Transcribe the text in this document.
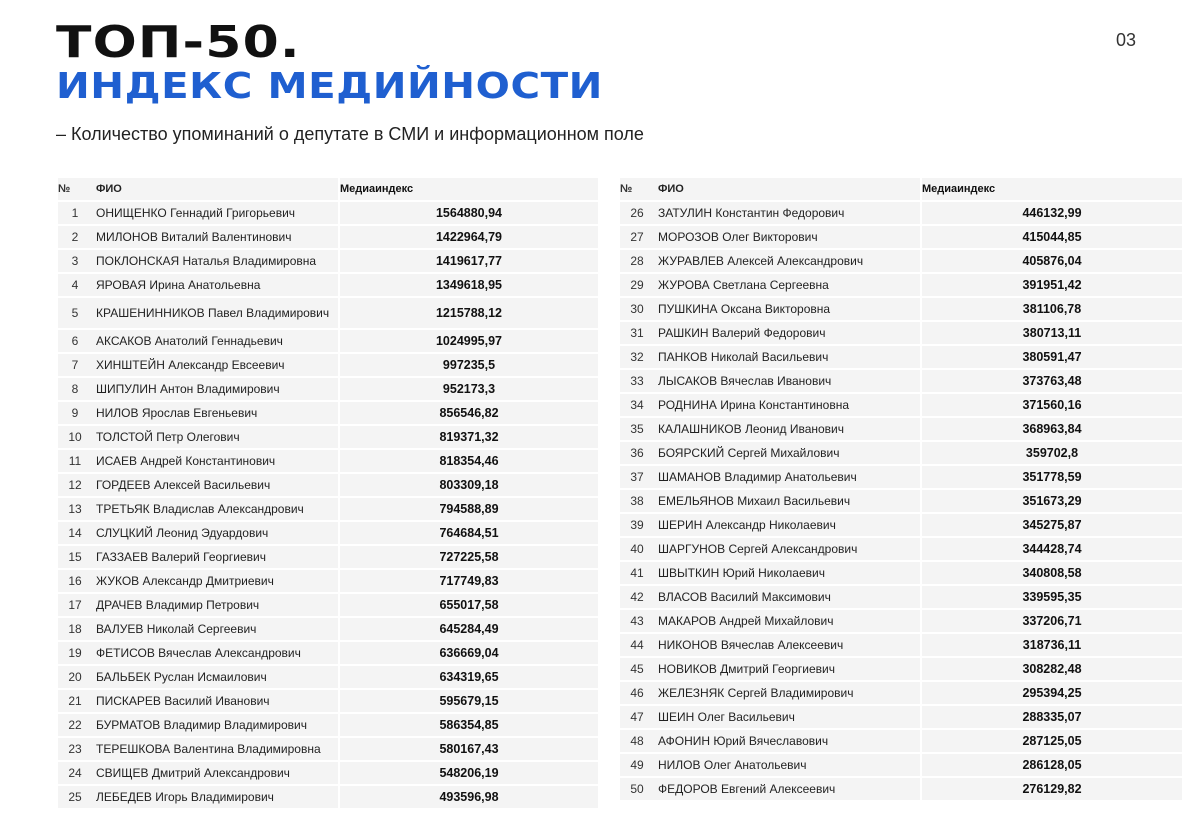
ТОП-50.
ИНДЕКС МЕДИЙНОСТИ
03
– Количество упоминаний о депутате в СМИ и информационном поле
№	ФИО	Медиаиндекс
1	ОНИЩЕНКО Геннадий Григорьевич	1564880,94
2	МИЛОНОВ Виталий Валентинович	1422964,79
3	ПОКЛОНСКАЯ Наталья Владимировна	1419617,77
4	ЯРОВАЯ Ирина Анатольевна	1349618,95
5	КРАШЕНИННИКОВ Павел Владимирович	1215788,12
6	АКСАКОВ Анатолий Геннадьевич	1024995,97
7	ХИНШТЕЙН Александр Евсеевич	997235,5
8	ШИПУЛИН Антон Владимирович	952173,3
9	НИЛОВ Ярослав Евгеньевич	856546,82
10	ТОЛСТОЙ Петр Олегович	819371,32
11	ИСАЕВ Андрей Константинович	818354,46
12	ГОРДЕЕВ Алексей Васильевич	803309,18
13	ТРЕТЬЯК Владислав Александрович	794588,89
14	СЛУЦКИЙ Леонид Эдуардович	764684,51
15	ГАЗЗАЕВ Валерий Георгиевич	727225,58
16	ЖУКОВ Александр Дмитриевич	717749,83
17	ДРАЧЕВ Владимир Петрович	655017,58
18	ВАЛУЕВ Николай Сергеевич	645284,49
19	ФЕТИСОВ Вячеслав Александрович	636669,04
20	БАЛЬБЕК Руслан Исмаилович	634319,65
21	ПИСКАРЕВ Василий Иванович	595679,15
22	БУРМАТОВ Владимир Владимирович	586354,85
23	ТЕРЕШКОВА Валентина Владимировна	580167,43
24	СВИЩЕВ Дмитрий Александрович	548206,19
25	ЛЕБЕДЕВ Игорь Владимирович	493596,98
№	ФИО	Медиаиндекс
26	ЗАТУЛИН Константин Федорович	446132,99
27	МОРОЗОВ Олег Викторович	415044,85
28	ЖУРАВЛЕВ Алексей Александрович	405876,04
29	ЖУРОВА Светлана Сергеевна	391951,42
30	ПУШКИНА Оксана Викторовна	381106,78
31	РАШКИН Валерий Федорович	380713,11
32	ПАНКОВ Николай Васильевич	380591,47
33	ЛЫСАКОВ Вячеслав Иванович	373763,48
34	РОДНИНА Ирина Константиновна	371560,16
35	КАЛАШНИКОВ Леонид Иванович	368963,84
36	БОЯРСКИЙ Сергей Михайлович	359702,8
37	ШАМАНОВ Владимир Анатольевич	351778,59
38	ЕМЕЛЬЯНОВ Михаил Васильевич	351673,29
39	ШЕРИН Александр Николаевич	345275,87
40	ШАРГУНОВ Сергей Александрович	344428,74
41	ШВЫТКИН Юрий Николаевич	340808,58
42	ВЛАСОВ Василий Максимович	339595,35
43	МАКАРОВ Андрей Михайлович	337206,71
44	НИКОНОВ Вячеслав Алексеевич	318736,11
45	НОВИКОВ Дмитрий Георгиевич	308282,48
46	ЖЕЛЕЗНЯК Сергей Владимирович	295394,25
47	ШЕИН Олег Васильевич	288335,07
48	АФОНИН Юрий Вячеславович	287125,05
49	НИЛОВ Олег Анатольевич	286128,05
50	ФЕДОРОВ Евгений Алексеевич	276129,82
